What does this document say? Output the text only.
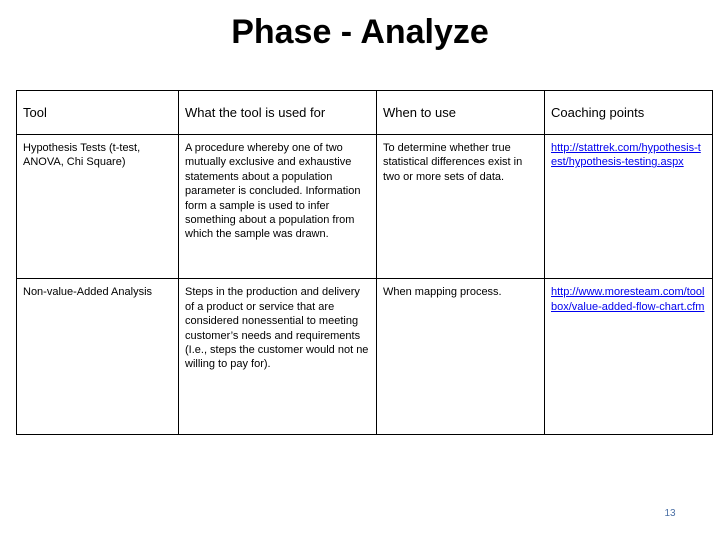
Phase - Analyze
Tool	What the tool is used for	When to use	Coaching points
Hypothesis Tests (t-test, ANOVA, Chi Square)	A procedure whereby one of two mutually exclusive and exhaustive statements about a population parameter is concluded. Information form a sample is used to infer something about a population from which the sample was drawn.	To determine whether true statistical differences exist in two or more sets of data.	http://stattrek.com/hypothesis-test/hypothesis-testing.aspx
Non-value-Added Analysis	Steps in the production and delivery of a product or service that are considered nonessential to meeting customer’s needs and requirements (I.e., steps the customer would not ne willing to pay for).	When mapping process.	http://www.moresteam.com/toolbox/value-added-flow-chart.cfm
13
